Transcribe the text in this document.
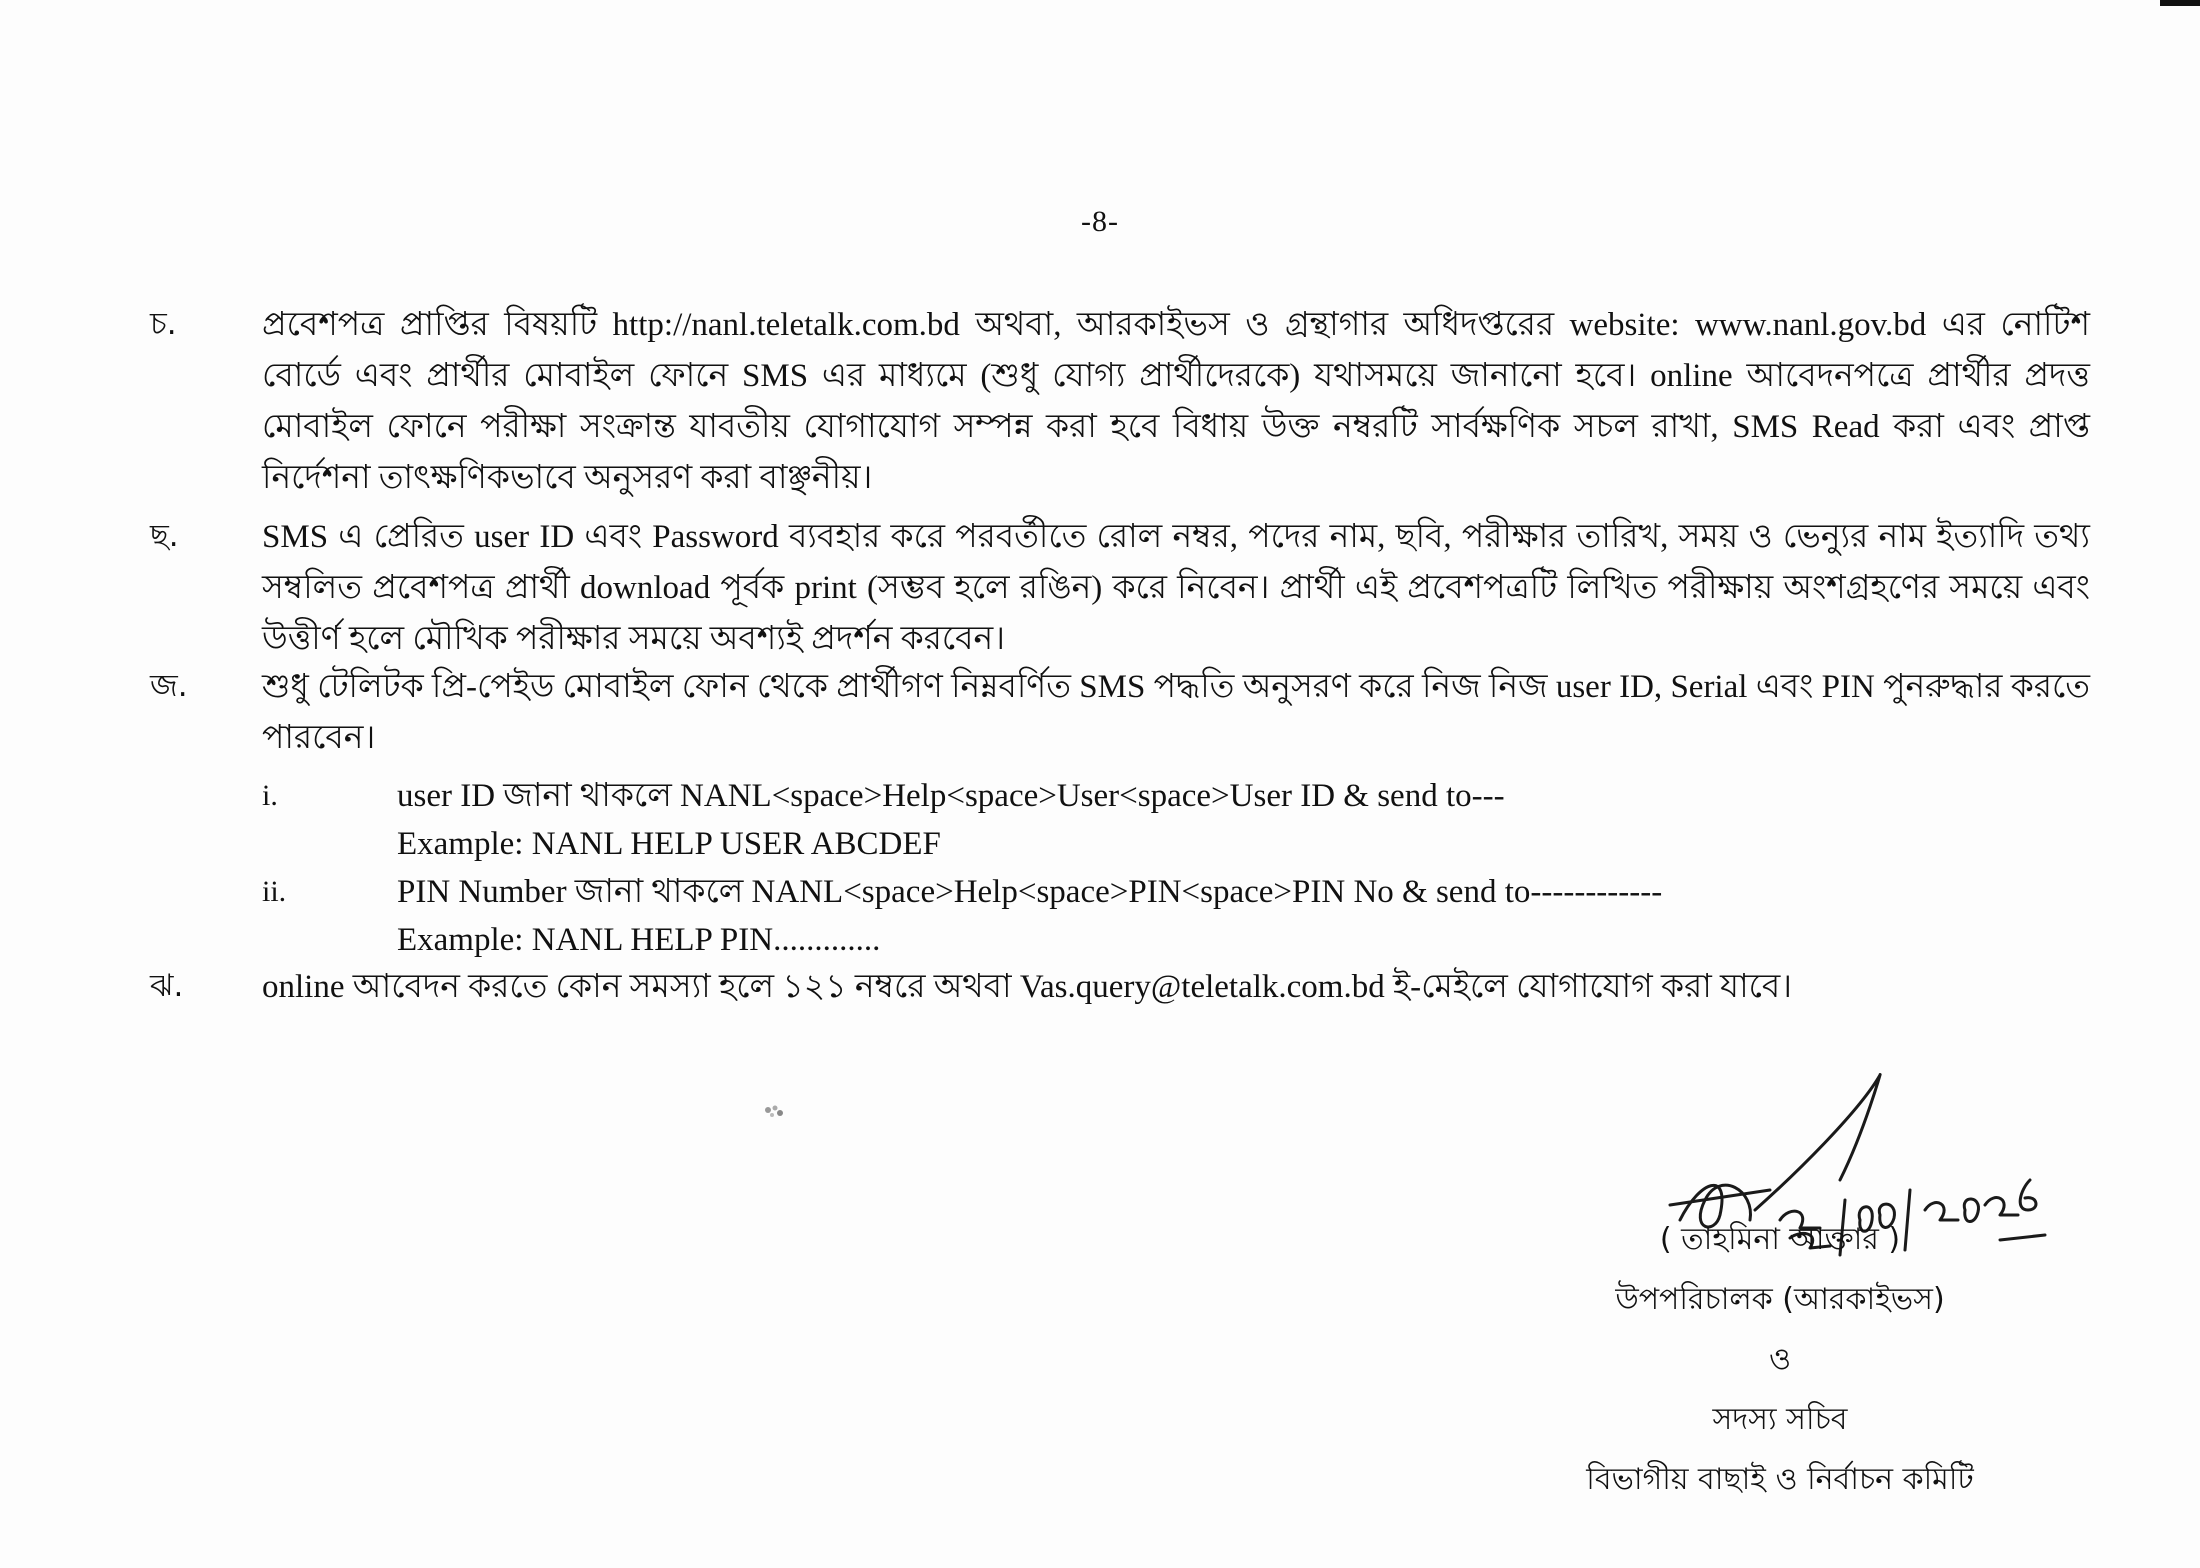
-8-
চ.	প্রবেশপত্র প্রাপ্তির বিষয়টি http://nanl.teletalk.com.bd অথবা, আরকাইভস ও গ্রন্থাগার অধিদপ্তরের website: www.nanl.gov.bd এর নোটিশ বোর্ডে এবং প্রার্থীর মোবাইল ফোনে SMS এর মাধ্যমে (শুধু যোগ্য প্রার্থীদেরকে) যথাসময়ে জানানো হবে। online আবেদনপত্রে প্রার্থীর প্রদত্ত মোবাইল ফোনে পরীক্ষা সংক্রান্ত যাবতীয় যোগাযোগ সম্পন্ন করা হবে বিধায় উক্ত নম্বরটি সার্বক্ষণিক সচল রাখা, SMS Read করা এবং প্রাপ্ত নির্দেশনা তাৎক্ষণিকভাবে অনুসরণ করা বাঞ্ছনীয়।

ছ.	SMS এ প্রেরিত user ID এবং Password ব্যবহার করে পরবর্তীতে রোল নম্বর, পদের নাম, ছবি, পরীক্ষার তারিখ, সময় ও ভেন্যুর নাম ইত্যাদি তথ্য সম্বলিত প্রবেশপত্র প্রার্থী download পূর্বক print (সম্ভব হলে রঙিন) করে নিবেন। প্রার্থী এই প্রবেশপত্রটি লিখিত পরীক্ষায় অংশগ্রহণের সময়ে এবং উত্তীর্ণ হলে মৌখিক পরীক্ষার সময়ে অবশ্যই প্রদর্শন করবেন।

জ.	শুধু টেলিটক প্রি-পেইড মোবাইল ফোন থেকে প্রার্থীগণ নিম্নবর্ণিত SMS পদ্ধতি অনুসরণ করে নিজ নিজ user ID, Serial এবং PIN পুনরুদ্ধার করতে পারবেন।

i.	user ID জানা থাকলে NANL<space>Help<space>User<space>User ID & send to---

Example: NANL HELP USER ABCDEF

ii.	PIN Number জানা থাকলে NANL<space>Help<space>PIN<space>PIN No & send to------------

Example: NANL HELP PIN.............

ঝ.	online আবেদন করতে কোন সমস্যা হলে ১২১ নম্বরে অথবা Vas.query@teletalk.com.bd ই-মেইলে যোগাযোগ করা যাবে।

( তাহমিনা আক্তার )

উপপরিচালক (আরকাইভস)

ও

সদস্য সচিব

বিভাগীয় বাছাই ও নির্বাচন কমিটি
